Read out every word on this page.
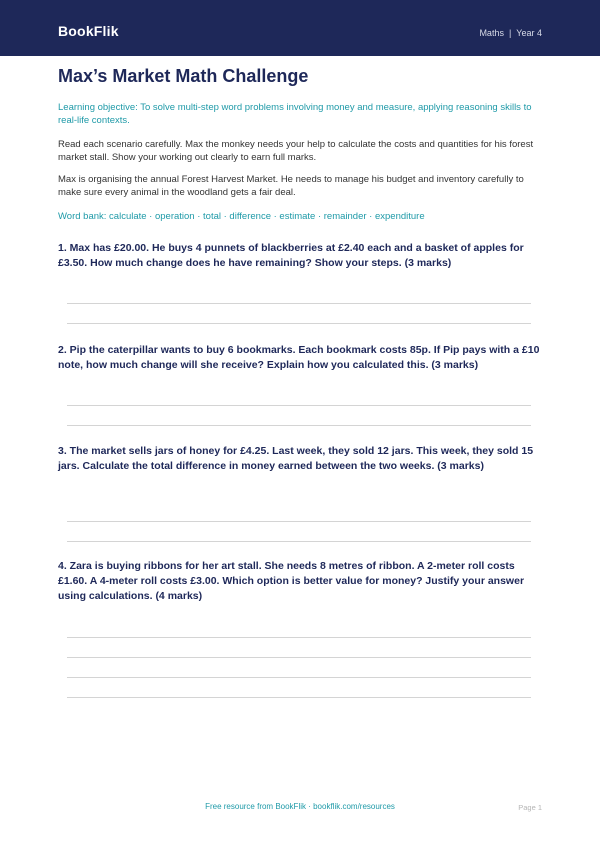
BookFlik	Maths | Year 4
Max’s Market Math Challenge
Learning objective: To solve multi-step word problems involving money and measure, applying reasoning skills to real-life contexts.
Read each scenario carefully. Max the monkey needs your help to calculate the costs and quantities for his forest market stall. Show your working out clearly to earn full marks.
Max is organising the annual Forest Harvest Market. He needs to manage his budget and inventory carefully to make sure every animal in the woodland gets a fair deal.
Word bank: calculate · operation · total · difference · estimate · remainder · expenditure
1. Max has £20.00. He buys 4 punnets of blackberries at £2.40 each and a basket of apples for £3.50. How much change does he have remaining? Show your steps. (3 marks)
2. Pip the caterpillar wants to buy 6 bookmarks. Each bookmark costs 85p. If Pip pays with a £10 note, how much change will she receive? Explain how you calculated this. (3 marks)
3. The market sells jars of honey for £4.25. Last week, they sold 12 jars. This week, they sold 15 jars. Calculate the total difference in money earned between the two weeks. (3 marks)
4. Zara is buying ribbons for her art stall. She needs 8 metres of ribbon. A 2-meter roll costs £1.60. A 4-meter roll costs £3.00. Which option is better value for money? Justify your answer using calculations. (4 marks)
Free resource from BookFlik · bookflik.com/resources	Page 1
